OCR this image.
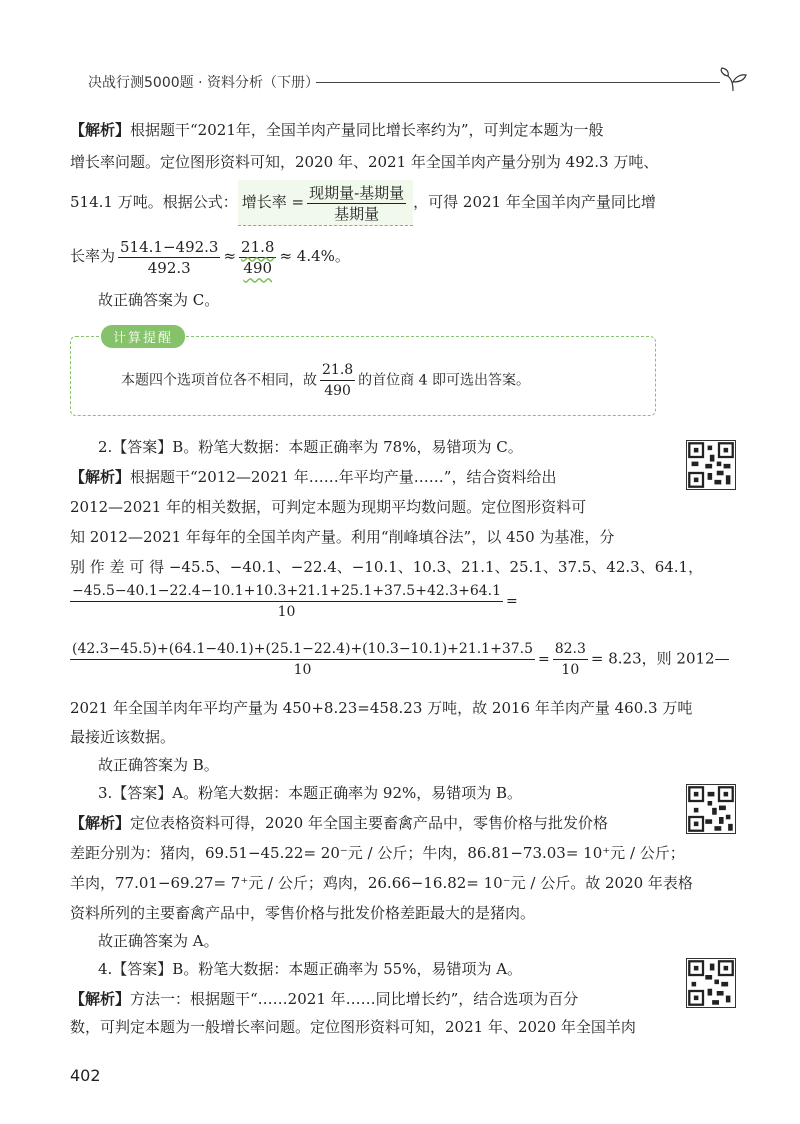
决战行测5000题 · 资料分析（下册）
【解析】根据题干“2021年，全国羊肉产量同比增长率约为”，可判定本题为一般
增长率问题。定位图形资料可知，2020 年、2021 年全国羊肉产量分别为 492.3 万吨、
514.1 万吨。根据公式： 增长率 = $\frac{\text{现期量-基期量}}{\text{基期量}}$ ，可得 2021 年全国羊肉产量同比增
长率为 $\frac{514.1-492.3}{492.3} \approx \frac{21.8}{490} \approx 4.4\%$。
故正确答案为 C。
计算提醒
本题四个选项首位各不相同，故 $\frac{21.8}{490}$ 的首位商 4 即可选出答案。
2.【答案】B。粉笔大数据：本题正确率为 78%，易错项为 C。
【解析】根据题干“2012—2021 年……年平均产量……”，结合资料给出
2012—2021 年的相关数据，可判定本题为现期平均数问题。定位图形资料可
知 2012—2021 年每年的全国羊肉产量。利用“削峰填谷法”，以 450 为基准，分
别 作 差 可 得 −45.5、−40.1、−22.4、−10.1、10.3、21.1、25.1、37.5、42.3、64.1，
$\frac{-45.5-40.1-22.4-10.1+10.3+21.1+25.1+37.5+42.3+64.1}{10}$ =
$\frac{(42.3-45.5)+(64.1-40.1)+(25.1-22.4)+(10.3-10.1)+21.1+37.5}{10} = \frac{82.3}{10} = 8.23$，则 2012—
2021 年全国羊肉年平均产量为 450+8.23=458.23 万吨，故 2016 年羊肉产量 460.3 万吨
最接近该数据。
故正确答案为 B。
3.【答案】A。粉笔大数据：本题正确率为 92%，易错项为 B。
【解析】定位表格资料可得，2020 年全国主要畜禽产品中，零售价格与批发价格
差距分别为：猪肉，69.51−45.22= 20⁻元 / 公斤；牛肉，86.81−73.03= 10⁺元 / 公斤；
羊肉，77.01−69.27= 7⁺元 / 公斤；鸡肉，26.66−16.82= 10⁻元 / 公斤。故 2020 年表格
资料所列的主要畜禽产品中，零售价格与批发价格差距最大的是猪肉。
故正确答案为 A。
4.【答案】B。粉笔大数据：本题正确率为 55%，易错项为 A。
【解析】方法一：根据题干“……2021 年……同比增长约”，结合选项为百分
数，可判定本题为一般增长率问题。定位图形资料可知，2021 年、2020 年全国羊肉
402
